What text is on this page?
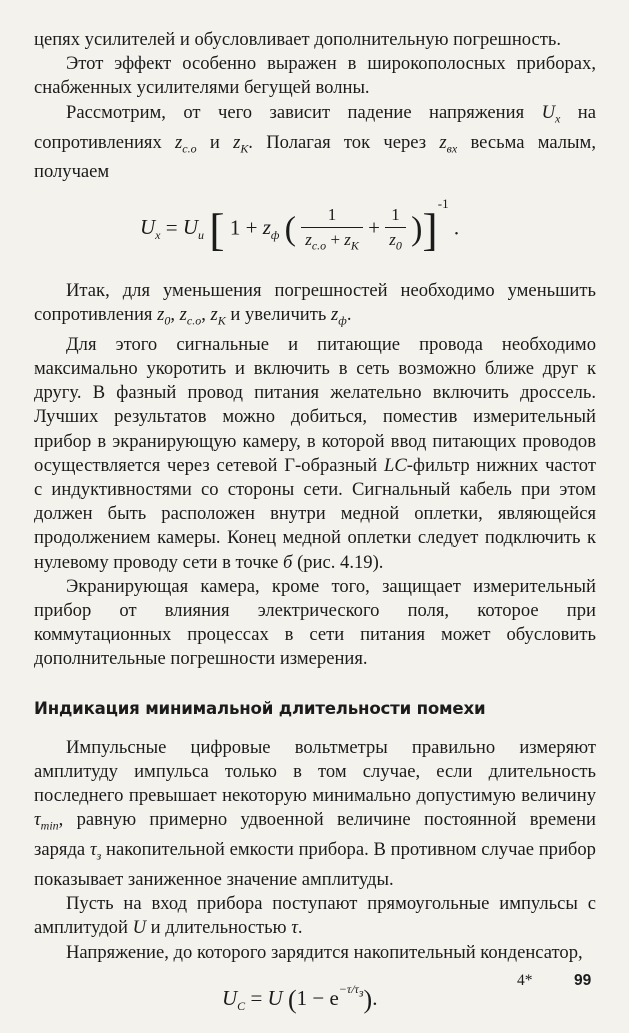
цепях усилителей и обусловливает дополнительную погрешность.

Этот эффект особенно выражен в широкополосных приборах, снабженных усилителями бегущей волны.

Рассмотрим, от чего зависит падение напряжения $U_x$ на сопротивлениях $z_{с.о}$ и $z_К$. Полагая ток через $z_{вх}$ весьма малым, получаем

$U_x = U_и$ [ $1 + z_ф$ ( $\frac{1}{z_{с.о} + z_К} + \frac{1}{z_0} )]^{-1}$ .

Итак, для уменьшения погрешностей необходимо уменьшить сопротивления $z_0$, $z_{с.о}$, $z_К$ и увеличить $z_ф$.

Для этого сигнальные и питающие провода необходимо максимально укоротить и включить в сеть возможно ближе друг к другу. В фазный провод питания желательно включить дроссель. Лучших результатов можно добиться, поместив измерительный прибор в экранирующую камеру, в которой ввод питающих проводов осуществляется через сетевой Г-образный LC-фильтр нижних частот с индуктивностями со стороны сети. Сигнальный кабель при этом должен быть расположен внутри медной оплетки, являющейся продолжением камеры. Конец медной оплетки следует подключить к нулевому проводу сети в точке б (рис. 4.19).

Экранирующая камера, кроме того, защищает измерительный прибор от влияния электрического поля, которое при коммутационных процессах в сети питания может обусловить дополнительные погрешности измерения.

Индикация минимальной длительности помехи

Импульсные цифровые вольтметры правильно измеряют амплитуду импульса только в том случае, если длительность последнего превышает некоторую минимально допустимую величину $\tau_{min}$, равную примерно удвоенной величине постоянной времени заряда $\tau_з$ накопительной емкости прибора. В противном случае прибор показывает заниженное значение амплитуды.

Пусть на вход прибора поступают прямоугольные импульсы с амплитудой U и длительностью τ.

Напряжение, до которого зарядится накопительный конденсатор,

$U_C = U$ $(1 - e^{-\tau/\tau_з})$.
4*	99
